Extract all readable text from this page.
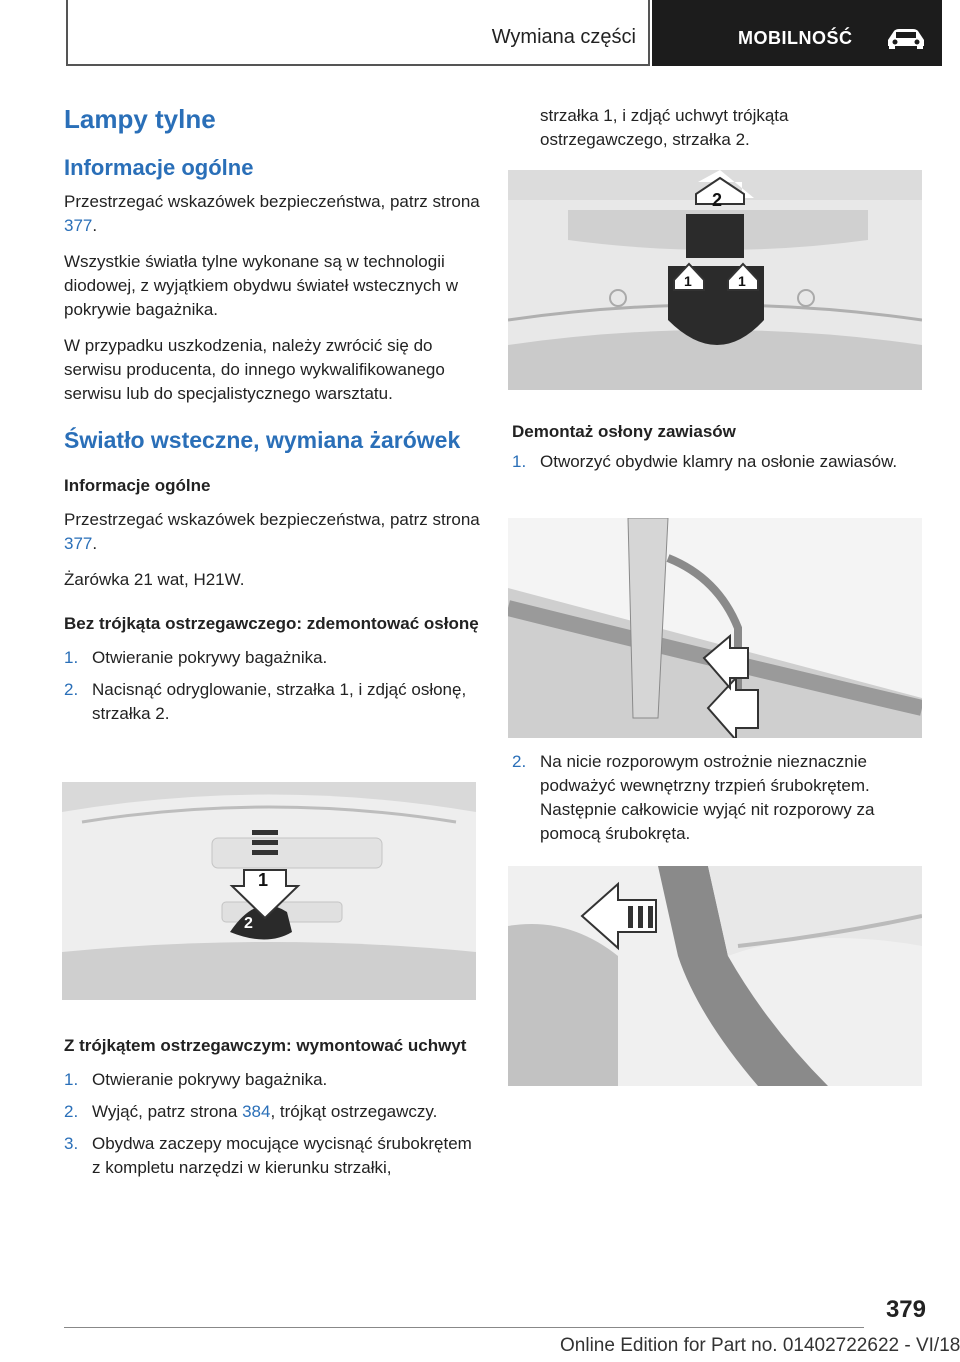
Wymiana części	MOBILNOŚĆ
Lampy tylne
Informacje ogólne

Przestrzegać wskazówek bezpieczeństwa, patrz strona 377.

Wszystkie światła tylne wykonane są w technologii diodowej, z wyjątkiem obydwu świateł wstecznych w pokrywie bagażnika.

W przypadku uszkodzenia, należy zwrócić się do serwisu producenta, do innego wykwalifikowanego serwisu lub do specjalistycznego warsztatu.

Światło wsteczne, wymiana żarówek
Informacje ogólne

Przestrzegać wskazówek bezpieczeństwa, patrz strona 377.

Żarówka 21 wat, H21W.

Bez trójkąta ostrzegawczego: zdemontować osłonę
1. Otwieranie pokrywy bagażnika.
2. Nacisnąć odryglowanie, strzałka 1, i zdjąć osłonę, strzałka 2.
1
2
Z trójkątem ostrzegawczym: wymontować uchwyt
1. Otwieranie pokrywy bagażnika.
2. Wyjąć, patrz strona 384, trójkąt ostrzegawczy.
3. Obydwa zaczepy mocujące wycisnąć śrubokrętem z kompletu narzędzi w kierunku strzałki,

strzałka 1, i zdjąć uchwyt trójkąta ostrzegawczego, strzałka 2.

2
1	1
Demontaż osłony zawiasów
1. Otworzyć obydwie klamry na osłonie zawiasów.
2. Na nicie rozporowym ostrożnie nieznacznie podważyć wewnętrzny trzpień śrubokrętem. Następnie całkowicie wyjąć nit rozporowy za pomocą śrubokręta.
379
Online Edition for Part no. 01402722622 - VI/18
